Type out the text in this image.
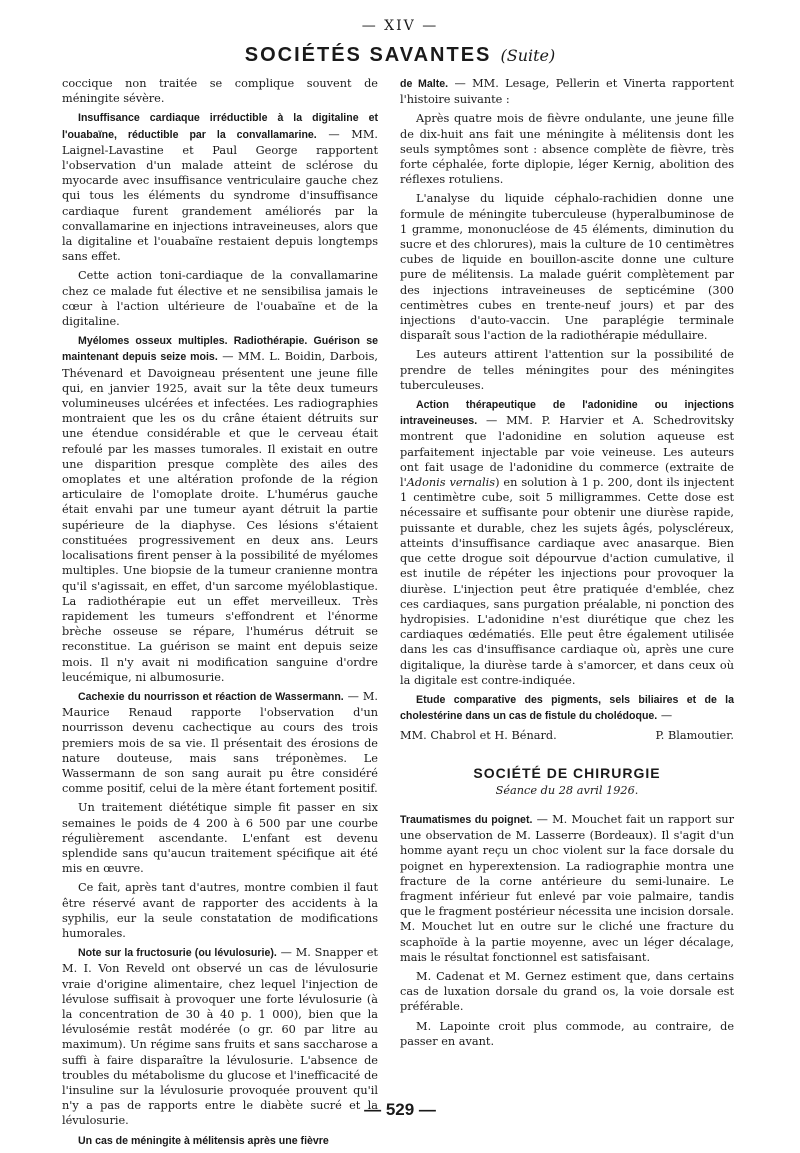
— XIV —
SOCIÉTÉS SAVANTES (Suite)

coccique non traitée se complique souvent de méningite sévère.

Insuffisance cardiaque irréductible à la digitaline et l'ouabaïne, réductible par la convallamarine. — MM. Laignel-Lavastine et Paul George rapportent l'observation d'un malade atteint de sclérose du myocarde avec insuffisance ventriculaire gauche chez qui tous les éléments du syndrome d'insuffisance cardiaque furent grandement améliorés par la convallamarine en injections intraveineuses, alors que la digitaline et l'ouabaïne restaient depuis longtemps sans effet.

Cette action toni-cardiaque de la convallamarine chez ce malade fut élective et ne sensibilisa jamais le cœur à l'action ultérieure de l'ouabaïne et de la digitaline.

Myélomes osseux multiples. Radiothérapie. Guérison se maintenant depuis seize mois. — MM. L. Boidin, Darbois, Thévenard et Davoigneau présentent une jeune fille qui, en janvier 1925, avait sur la tête deux tumeurs volumineuses ulcérées et infectées. Les radiographies montraient que les os du crâne étaient détruits sur une étendue considérable et que le cerveau était refoulé par les masses tumorales. Il existait en outre une disparition presque complète des ailes des omoplates et une altération profonde de la région articulaire de l'omoplate droite. L'humérus gauche était envahi par une tumeur ayant détruit la partie supérieure de la diaphyse. Ces lésions s'étaient constituées progressivement en deux ans. Leurs localisations firent penser à la possibilité de myélomes multiples. Une biopsie de la tumeur cranienne montra qu'il s'agissait, en effet, d'un sarcome myéloblastique. La radiothérapie eut un effet merveilleux. Très rapidement les tumeurs s'effondrent et l'énorme brèche osseuse se répare, l'humérus détruit se reconstitue. La guérison se maint ent depuis seize mois. Il n'y avait ni modification sanguine d'ordre leucémique, ni albumosurie.

Cachexie du nourrisson et réaction de Wassermann. — M. Maurice Renaud rapporte l'observation d'un nourrisson devenu cachectique au cours des trois premiers mois de sa vie. Il présentait des érosions de nature douteuse, mais sans tréponèmes. Le Wassermann de son sang aurait pu être considéré comme positif, celui de la mère étant fortement positif.

Un traitement diététique simple fit passer en six semaines le poids de 4 200 à 6 500 par une courbe régulièrement ascendante. L'enfant est devenu splendide sans qu'aucun traitement spécifique ait été mis en œuvre.

Ce fait, après tant d'autres, montre combien il faut être réservé avant de rapporter des accidents à la syphilis, eur la seule constatation de modifications humorales.

Note sur la fructosurie (ou lévulosurie). — M. Snapper et M. I. Von Reveld ont observé un cas de lévulosurie vraie d'origine alimentaire, chez lequel l'injection de lévulose suffisait à provoquer une forte lévulosurie (à la concentration de 30 à 40 p. 1 000), bien que la lévulosémie restât modérée (o gr. 60 par litre au maximum). Un régime sans fruits et sans saccharose a suffi à faire disparaître la lévulosurie. L'absence de troubles du métabolisme du glucose et l'inefficacité de l'insuline sur la lévulosurie provoquée prouvent qu'il n'y a pas de rapports entre le diabète sucré et la lévulosurie.

Un cas de méningite à mélitensis après une fièvre

de Malte. — MM. Lesage, Pellerin et Vinerta rapportent l'histoire suivante :

Après quatre mois de fièvre ondulante, une jeune fille de dix-huit ans fait une méningite à mélitensis dont les seuls symptômes sont : absence complète de fièvre, très forte céphalée, forte diplopie, léger Kernig, abolition des réflexes rotuliens.

L'analyse du liquide céphalo-rachidien donne une formule de méningite tuberculeuse (hyperalbuminose de 1 gramme, mononucléose de 45 éléments, diminution du sucre et des chlorures), mais la culture de 10 centimètres cubes de liquide en bouillon-ascite donne une culture pure de mélitensis. La malade guérit complètement par des injections intraveineuses de septicémine (300 centimètres cubes en trente-neuf jours) et par des injections d'auto-vaccin. Une paraplégie terminale disparaît sous l'action de la radiothérapie médullaire.

Les auteurs attirent l'attention sur la possibilité de prendre de telles méningites pour des méningites tuberculeuses.

Action thérapeutique de l'adonidine ou injections intraveineuses. — MM. P. Harvier et A. Schedrovitsky montrent que l'adonidine en solution aqueuse est parfaitement injectable par voie veineuse. Les auteurs ont fait usage de l'adonidine du commerce (extraite de l'Adonis vernalis) en solution à 1 p. 200, dont ils injectent 1 centimètre cube, soit 5 milligrammes. Cette dose est nécessaire et suffisante pour obtenir une diurèse rapide, puissante et durable, chez les sujets âgés, polyscléreux, atteints d'insuffisance cardiaque avec anasarque. Bien que cette drogue soit dépourvue d'action cumulative, il est inutile de répéter les injections pour provoquer la diurèse. L'injection peut être pratiquée d'emblée, chez ces cardiaques, sans purgation préalable, ni ponction des hydropisies. L'adonidine n'est diurétique que chez les cardiaques œdématiés. Elle peut être également utilisée dans les cas d'insuffisance cardiaque où, après une cure digitalique, la diurèse tarde à s'amorcer, et dans ceux où la digitale est contre-indiquée.

Etude comparative des pigments, sels biliaires et de la cholestérine dans un cas de fistule du cholédoque. —

MM. Chabrol et H. Bénard.	P. Blamoutier.

SOCIÉTÉ DE CHIRURGIE
Séance du 28 avril 1926.

Traumatismes du poignet. — M. Mouchet fait un rapport sur une observation de M. Lasserre (Bordeaux). Il s'agit d'un homme ayant reçu un choc violent sur la face dorsale du poignet en hyperextension. La radiographie montra une fracture de la corne antérieure du semi-lunaire. Le fragment inférieur fut enlevé par voie palmaire, tandis que le fragment postérieur nécessita une incision dorsale. M. Mouchet lut en outre sur le cliché une fracture du scaphoïde à la partie moyenne, avec un léger décalage, mais le résultat fonctionnel est satisfaisant.

M. Cadenat et M. Gernez estiment que, dans certains cas de luxation dorsale du grand os, la voie dorsale est préférable.

M. Lapointe croit plus commode, au contraire, de passer en avant.

— 529 —
